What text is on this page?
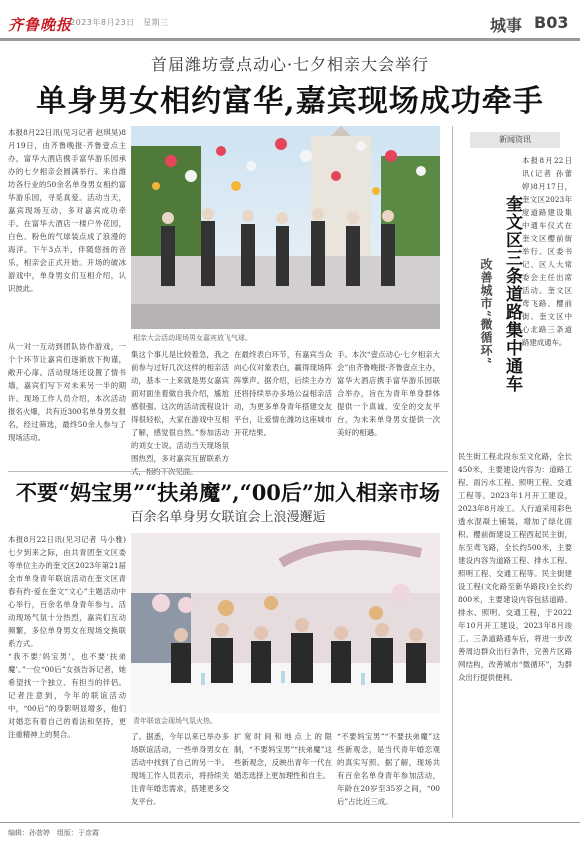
齐鲁晚报
2023年8月23日　星期三	城事 B03
首届潍坊壹点动心·七夕相亲大会举行
单身男女相约富华,嘉宾现场成功牵手
本报8月22日讯(见习记者 赵琪昊)8月19日，由齐鲁晚报·齐鲁壹点主办，富华大酒店携手富华游乐园承办的七夕相亲会圆满举行。来自潍坊各行业的50余名单身男女相约富华游乐园，寻觅真爱。活动当天，嘉宾现场互动，多对嘉宾成功牵手。在富华大酒店一楼户外花园，白色、粉色的气球装点成了浪漫的海洋。下午3点半，伴随悠扬的音乐，相亲会正式开始。开场的破冰游戏中，单身男女们互相介绍，认识彼此。
相亲大会活动现场男女嘉宾放飞气球。
从一对一互动到团队协作游戏，一个个环节让嘉宾们逐渐放下拘谨，敞开心扉。活动现场还设置了情书墙，嘉宾们写下对未来另一半的期许。现场工作人员介绍，本次活动报名火爆，共有近300名单身男女报名，经过筛选，最终50余人参与了现场活动。
集这个事儿是比较着急，我之前参与过好几次这样的相亲活动，基本一上来就是男女嘉宾面对面坐着做自我介绍，尴尬感很强。这次的活动流程设计得很轻松，大家在游戏中互相了解，感觉很自然。”参加活动的刘女士说。活动当天现场氛围热烈，多对嘉宾互留联系方
在最终表白环节，有嘉宾当众向心仪对象表白，赢得现场阵阵掌声。据介绍，后续主办方还将持续举办多场公益相亲活动，为更多单身青年搭建交友平台，让爱情在潍坊这座城市开花结果。
手。本次“壹点动心·七夕相亲大会”由齐鲁晚报·齐鲁壹点主办，富华大酒店携手富华游乐园联合举办，旨在为青年单身群体提供一个真诚、安全的交友平台，为未来单身男女提供一次美好的相遇。
不要“妈宝男”“扶弟魔”,“00后”加入相亲市场
百余名单身男女联谊会上浪漫邂逅
本报8月22日讯(见习记者 马小雅)七夕到来之际，由共青团奎文区委等单位主办的奎文区2023年第21届全市单身青年联谊活动在奎文区青春有约·爱在奎文“文心”主题活动中心举行，百余名单身青年参与。活动现场气氛十分热烈，嘉宾们互动频繁，多位单身男女在现场交换联系方式。
“我不要‘妈宝男’，也不要‘扶弟魔’。”一位“00后”女孩告诉记者，她希望找一个独立、有担当的伴侣。记者注意到，今年的联谊活动中，“00后”的身影明显增多，他们对婚恋有着自己的看法和坚持，更注重精神上的契合。
青年联谊会现场气氛火热。
了。据悉，今年以来已举办多场联谊活动，一些单身男女在活动中找到了自己的另一半。现场工作人员表示，将持续关注青年婚恋需求，搭建更多交友平台。
扩宽时间和地点上的限制，“不要妈宝男”“扶弟魔”这些新观念，反映出青年一代在婚恋选择上更加理性和自主。
“不要妈宝男”“不要扶弟魔”这些新观念，是当代青年婚恋观的真实写照。据了解，现场共有百余名单身青年参加活动，年龄在20岁至35岁之间，“00后”占比近三成。
新闻资讯
奎文区三条道路集中通车
改善城市“微循环”
本报8月22日讯(记者 孙蕾婷)8月17日，奎文区2023年度道路建设集中通车仪式在奎文区樱前街举行。区委书记、区人大常委会主任出席活动。奎文区鸢飞路、樱前街、奎文区中心北路三条道路建成通车。
民生街工程北段东至文化路，全长450米，主要建设内容为：道路工程、雨污水工程、照明工程、交通工程等。2023年1月开工建设，2023年8月竣工。人行道采用彩色透水混凝土铺装，增加了绿化面积。樱前街建设工程西起民主街，东至鸢飞路，全长约500米，主要建设内容为道路工程、排水工程、照明工程、交通工程等。民主街建设工程(文化路至新华路段)全长约800米，主要建设内容包括道路、排水、照明、交通工程，于2022年10月开工建设，2023年8月竣工。三条道路通车后，将进一步改善周边群众出行条件，完善片区路网结构，改善城市“微循环”，为群众出行提供便利。
编辑：孙菅婷　组版：于彦霞
